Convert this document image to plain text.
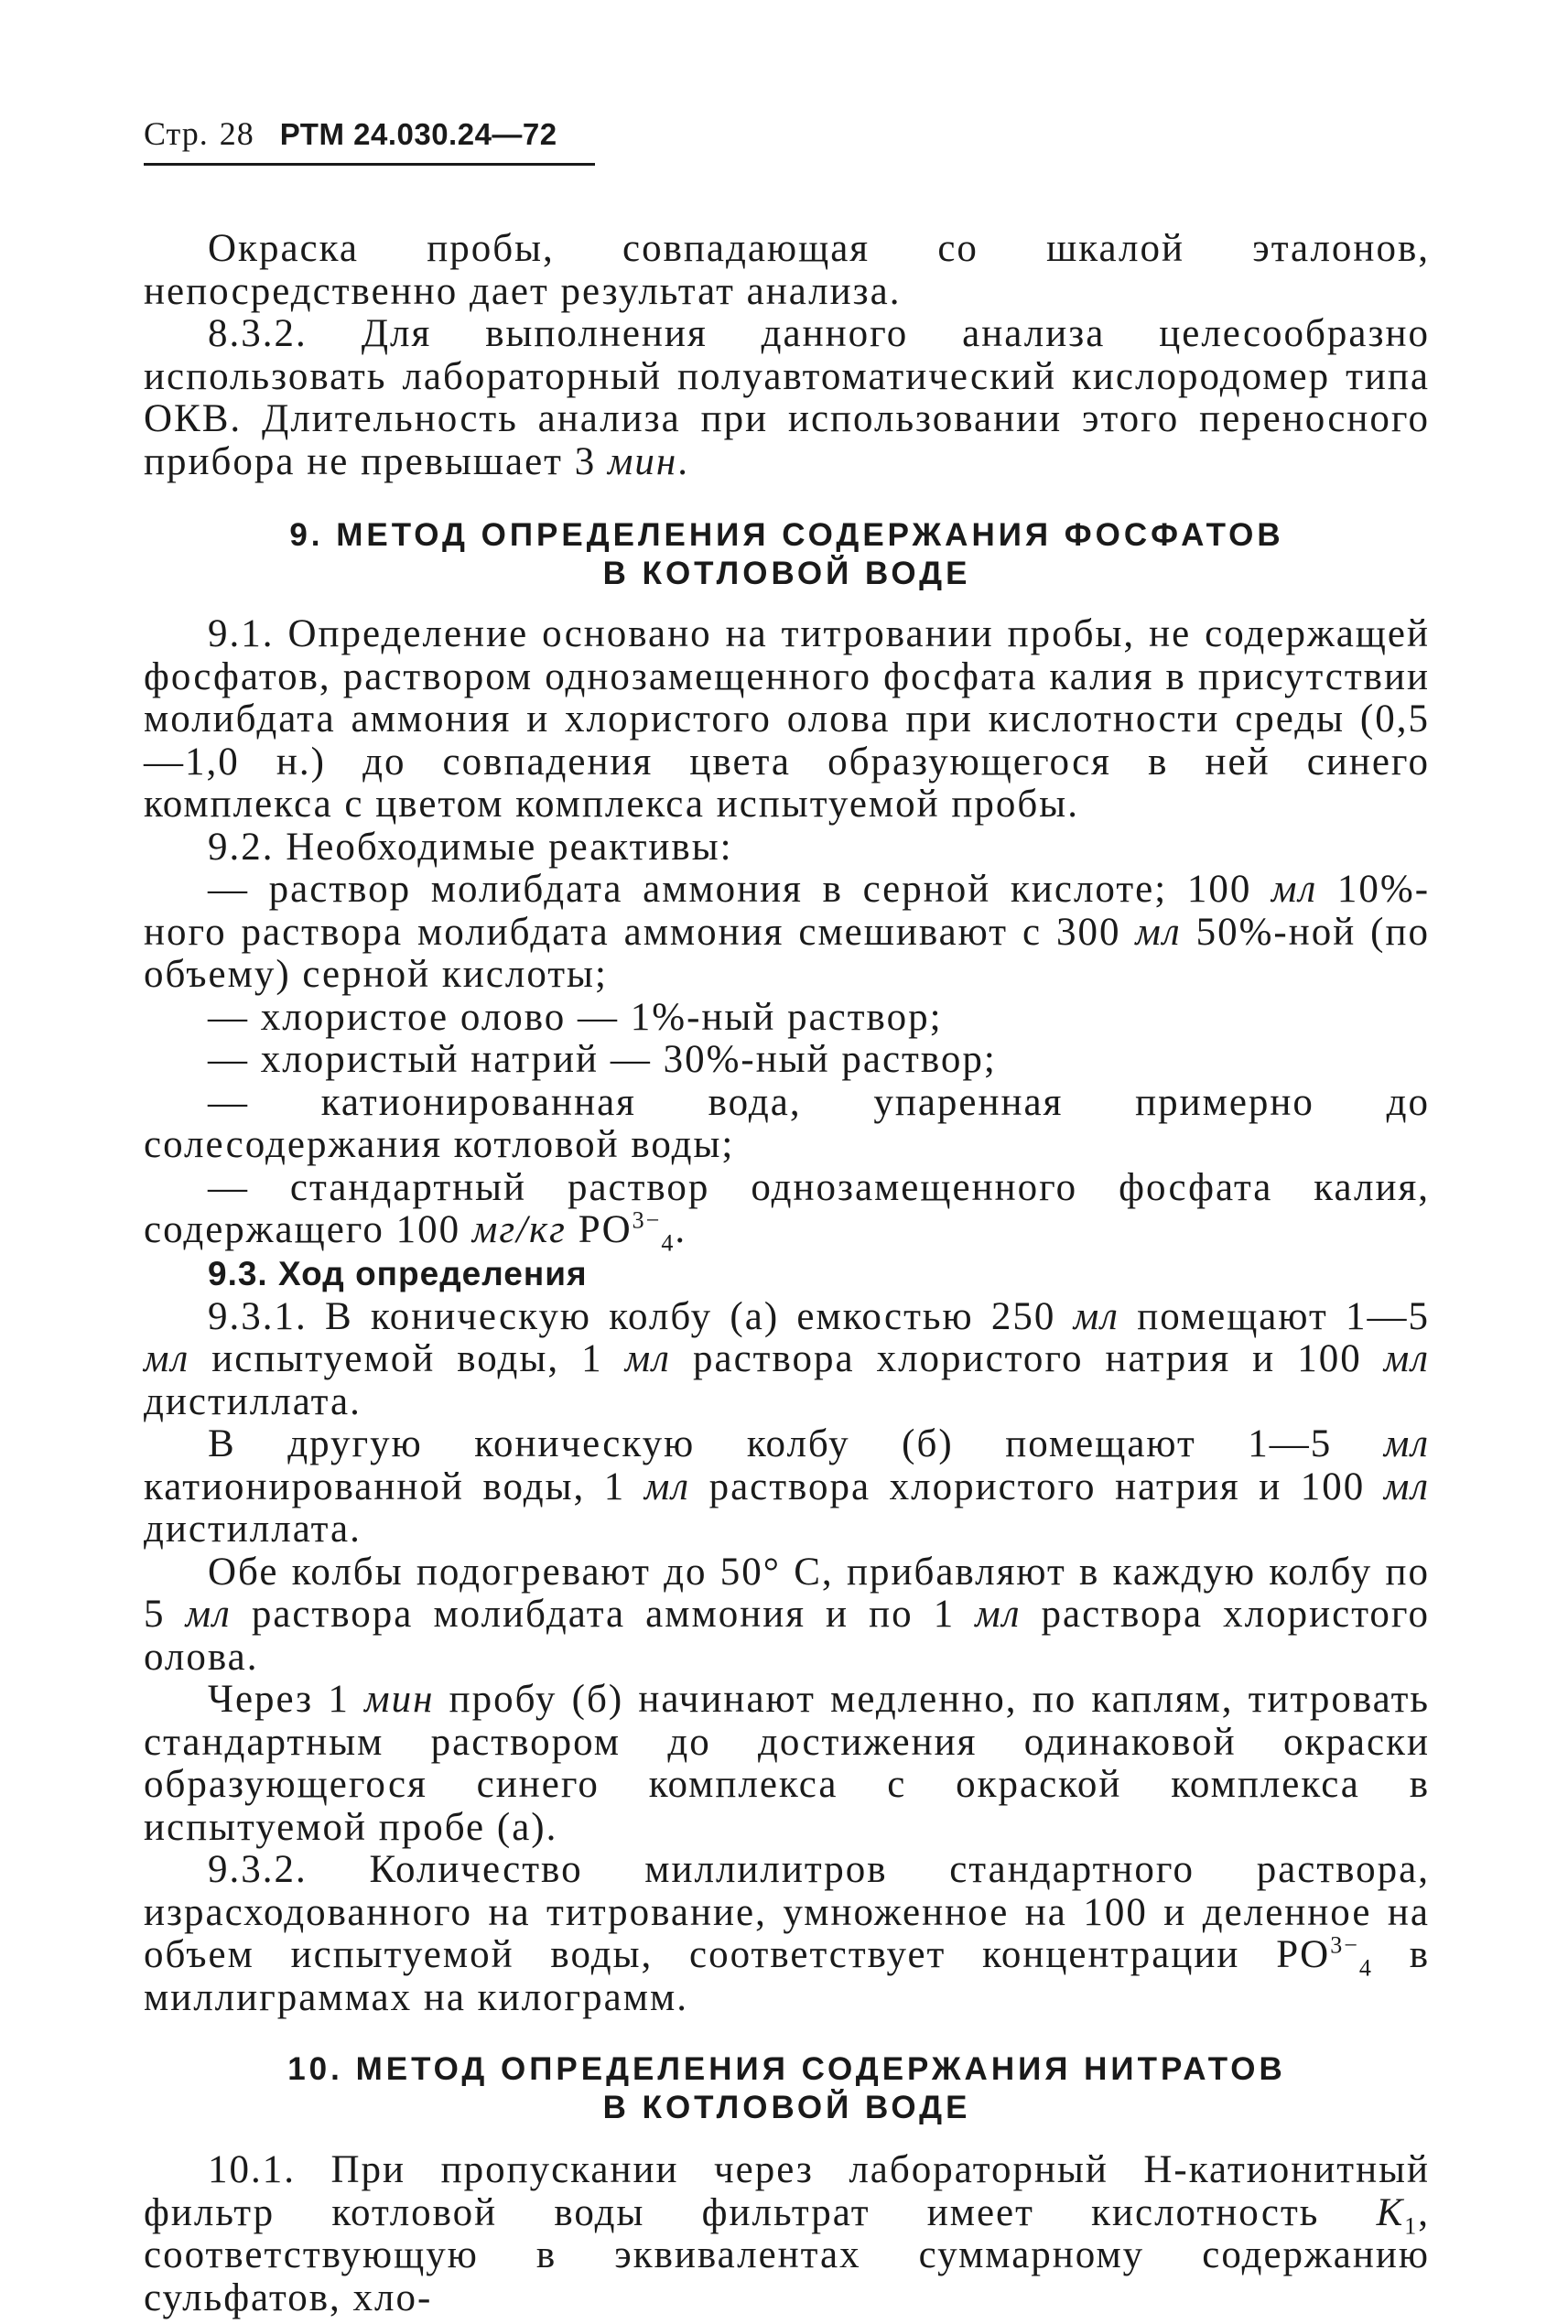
Стр. 28 РТМ 24.030.24—72

Окраска пробы, совпадающая со шкалой эталонов, непосредственно дает результат анализа.

8.3.2. Для выполнения данного анализа целесообразно использовать лабораторный полуавтоматический кислородомер типа ОКВ. Длительность анализа при использовании этого переносного прибора не превышает 3 мин.

9. МЕТОД ОПРЕДЕЛЕНИЯ СОДЕРЖАНИЯ ФОСФАТОВ
В КОТЛОВОЙ ВОДЕ

9.1. Определение основано на титровании пробы, не содержащей фосфатов, раствором однозамещенного фосфата калия в присутствии молибдата аммония и хлористого олова при кислотности среды (0,5—1,0 н.) до совпадения цвета образующегося в ней синего комплекса с цветом комплекса испытуемой пробы.

9.2. Необходимые реактивы:

— раствор молибдата аммония в серной кислоте; 100 мл 10%-ного раствора молибдата аммония смешивают с 300 мл 50%-ной (по объему) серной кислоты;

— хлористое олово — 1%-ный раствор;

— хлористый натрий — 30%-ный раствор;

— катионированная вода, упаренная примерно до солесодержания котловой воды;

— стандартный раствор однозамещенного фосфата калия, содержащего 100 мг/кг $PO^{3-}_4$.

9.3. Ход определения

9.3.1. В коническую колбу (а) емкостью 250 мл помещают 1—5 мл испытуемой воды, 1 мл раствора хлористого натрия и 100 мл дистиллата.

В другую коническую колбу (б) помещают 1—5 мл катионированной воды, 1 мл раствора хлористого натрия и 100 мл дистиллата.

Обе колбы подогревают до 50° С, прибавляют в каждую колбу по 5 мл раствора молибдата аммония и по 1 мл раствора хлористого олова.

Через 1 мин пробу (б) начинают медленно, по каплям, титровать стандартным раствором до достижения одинаковой окраски образующегося синего комплекса с окраской комплекса в испытуемой пробе (а).

9.3.2. Количество миллилитров стандартного раствора, израсходованного на титрование, умноженное на 100 и деленное на объем испытуемой воды, соответствует концентрации $PO^{3-}_4$ в миллиграммах на килограмм.

10. МЕТОД ОПРЕДЕЛЕНИЯ СОДЕРЖАНИЯ НИТРАТОВ
В КОТЛОВОЙ ВОДЕ

10.1. При пропускании через лабораторный Н-катионитный фильтр котловой воды фильтрат имеет кислотность $K_1$, соответствующую в эквивалентах суммарному содержанию сульфатов, хло-
